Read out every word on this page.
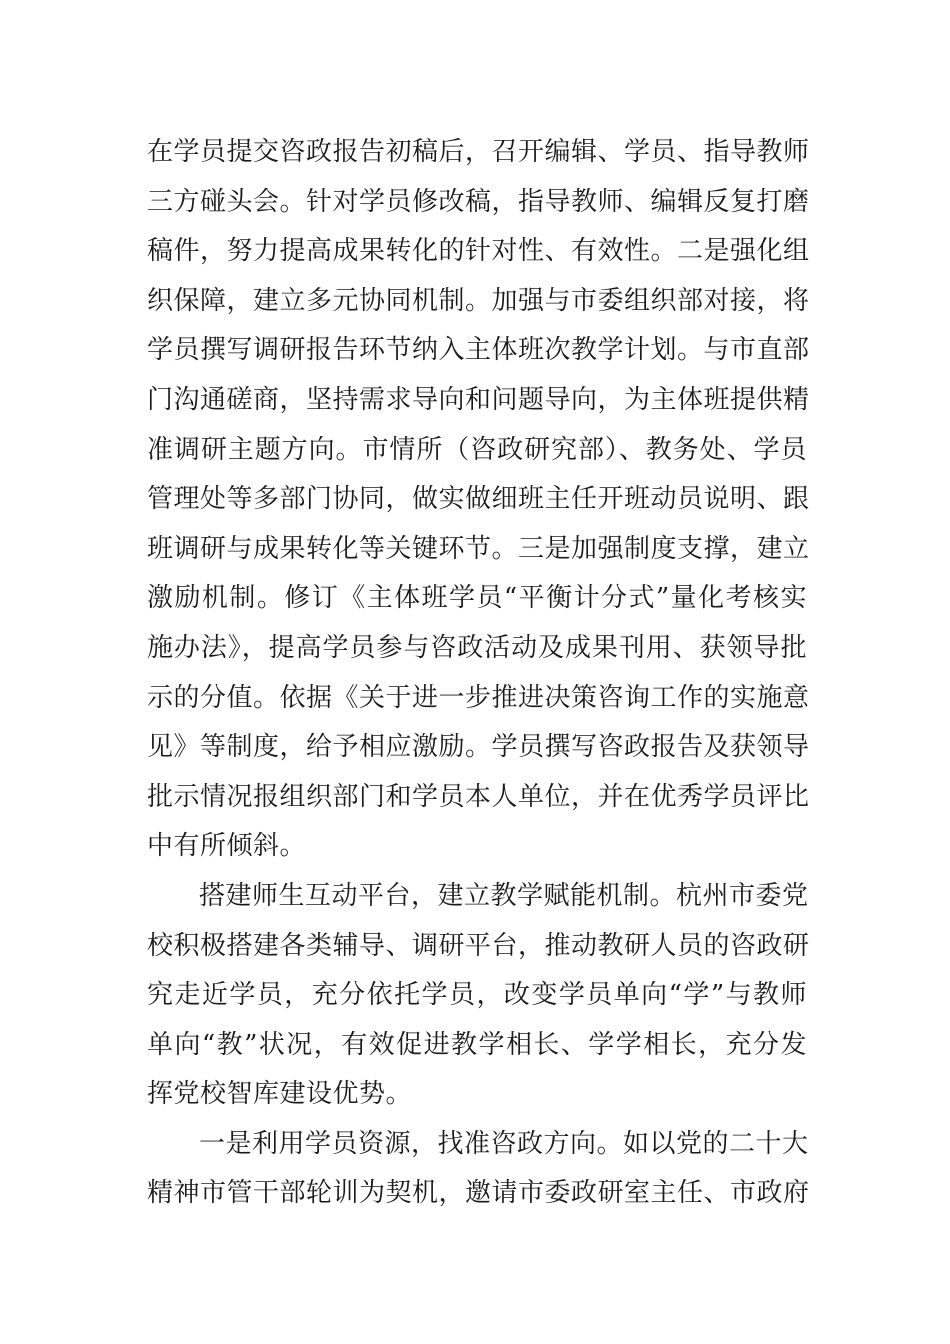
在学员提交咨政报告初稿后，召开编辑、学员、指导教师
三方碰头会。针对学员修改稿，指导教师、编辑反复打磨
稿件，努力提高成果转化的针对性、有效性。二是强化组
织保障，建立多元协同机制。加强与市委组织部对接，将
学员撰写调研报告环节纳入主体班次教学计划。与市直部
门沟通磋商，坚持需求导向和问题导向，为主体班提供精
准调研主题方向。市情所（咨政研究部）、教务处、学员
管理处等多部门协同，做实做细班主任开班动员说明、跟
班调研与成果转化等关键环节。三是加强制度支撑，建立
激励机制。修订《主体班学员“平衡计分式”量化考核实
施办法》，提高学员参与咨政活动及成果刊用、获领导批
示的分值。依据《关于进一步推进决策咨询工作的实施意
见》等制度，给予相应激励。学员撰写咨政报告及获领导
批示情况报组织部门和学员本人单位，并在优秀学员评比
中有所倾斜。
搭建师生互动平台，建立教学赋能机制。杭州市委党
校积极搭建各类辅导、调研平台，推动教研人员的咨政研
究走近学员，充分依托学员，改变学员单向“学”与教师
单向“教”状况，有效促进教学相长、学学相长，充分发
挥党校智库建设优势。
一是利用学员资源，找准咨政方向。如以党的二十大
精神市管干部轮训为契机，邀请市委政研室主任、市政府
